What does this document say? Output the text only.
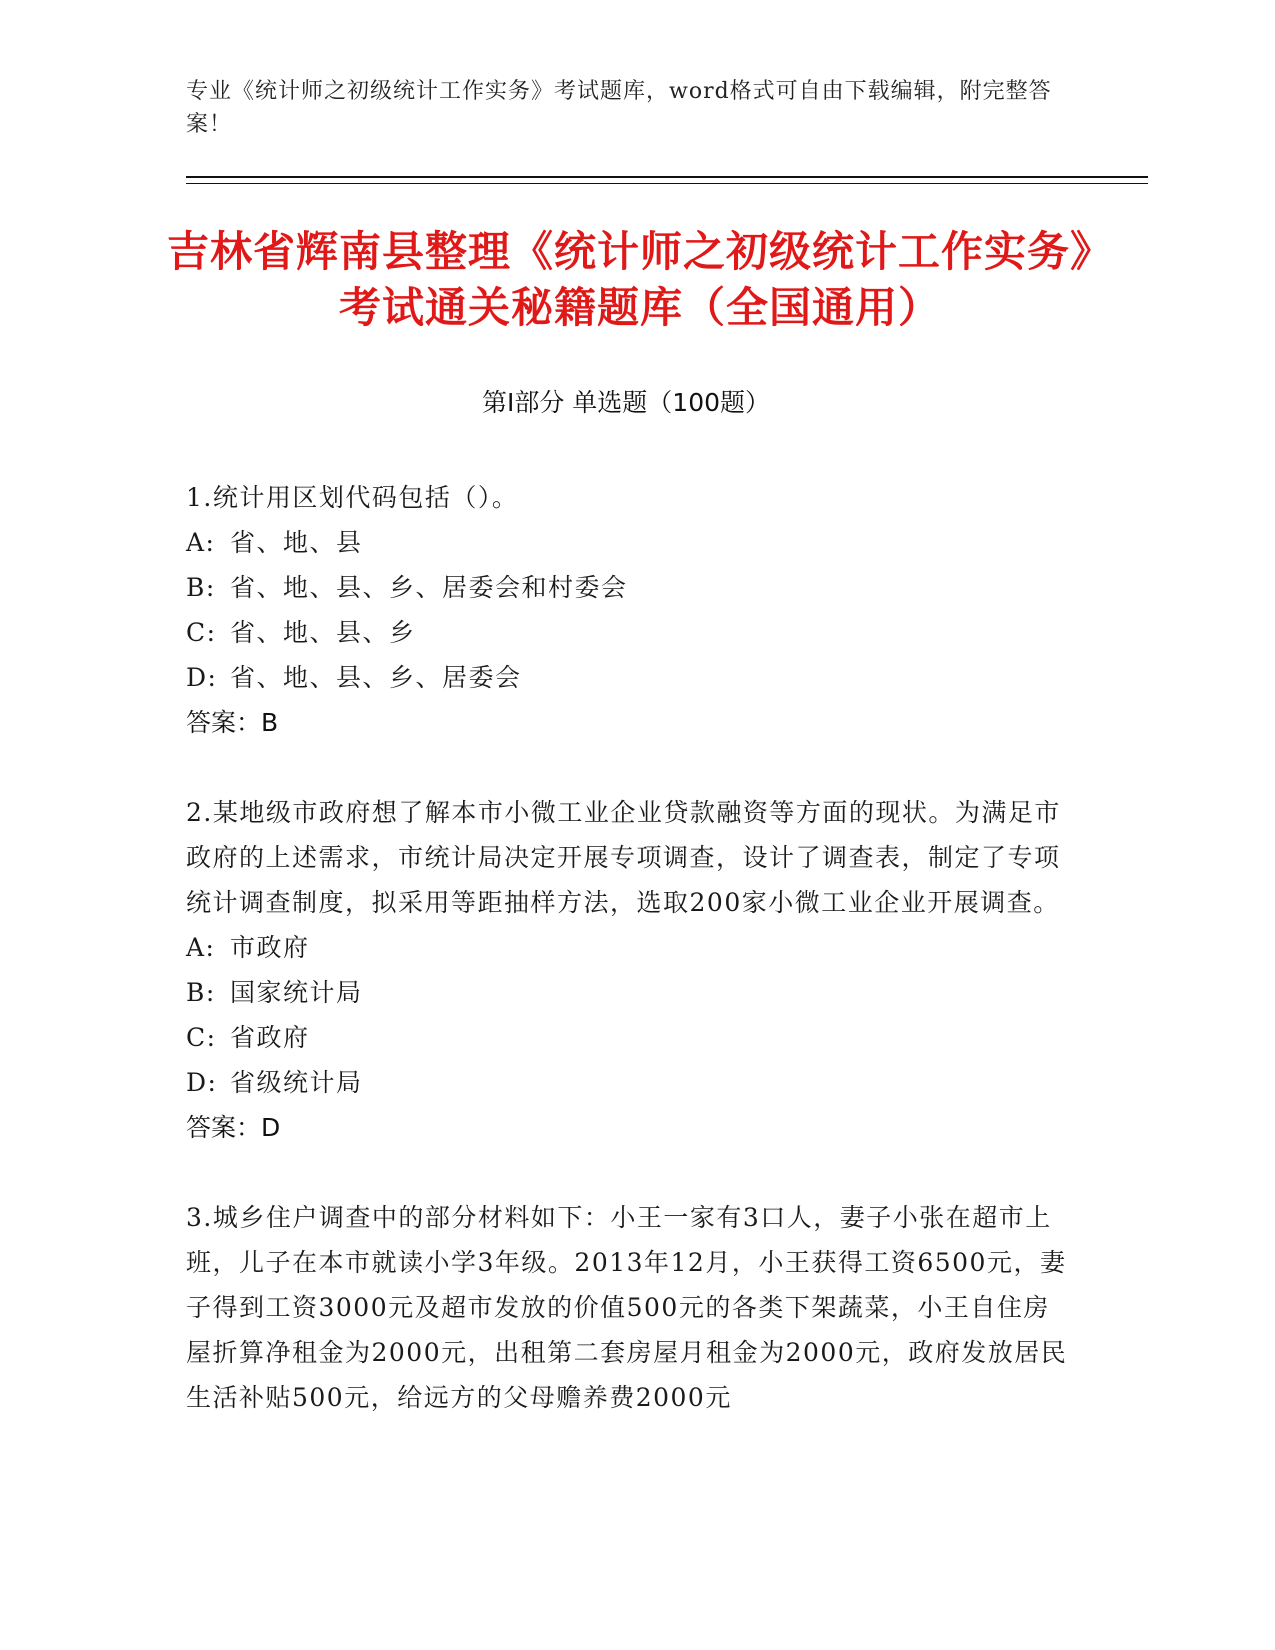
专业《统计师之初级统计工作实务》考试题库，word格式可自由下载编辑，附完整答案！
吉林省辉南县整理《统计师之初级统计工作实务》考试通关秘籍题库（全国通用）
第Ⅰ部分 单选题（100题）
1.统计用区划代码包括（）。
A: 省、地、县
B: 省、地、县、乡、居委会和村委会
C: 省、地、县、乡
D: 省、地、县、乡、居委会
答案：B
2.某地级市政府想了解本市小微工业企业贷款融资等方面的现状。为满足市政府的上述需求，市统计局决定开展专项调查，设计了调查表，制定了专项统计调查制度，拟采用等距抽样方法，选取200家小微工业企业开展调查。
A: 市政府
B: 国家统计局
C: 省政府
D: 省级统计局
答案：D
3.城乡住户调查中的部分材料如下：小王一家有3口人，妻子小张在超市上班，儿子在本市就读小学3年级。2013年12月，小王获得工资6500元，妻子得到工资3000元及超市发放的价值500元的各类下架蔬菜，小王自住房屋折算净租金为2000元，出租第二套房屋月租金为2000元，政府发放居民生活补贴500元，给远方的父母赡养费2000元
